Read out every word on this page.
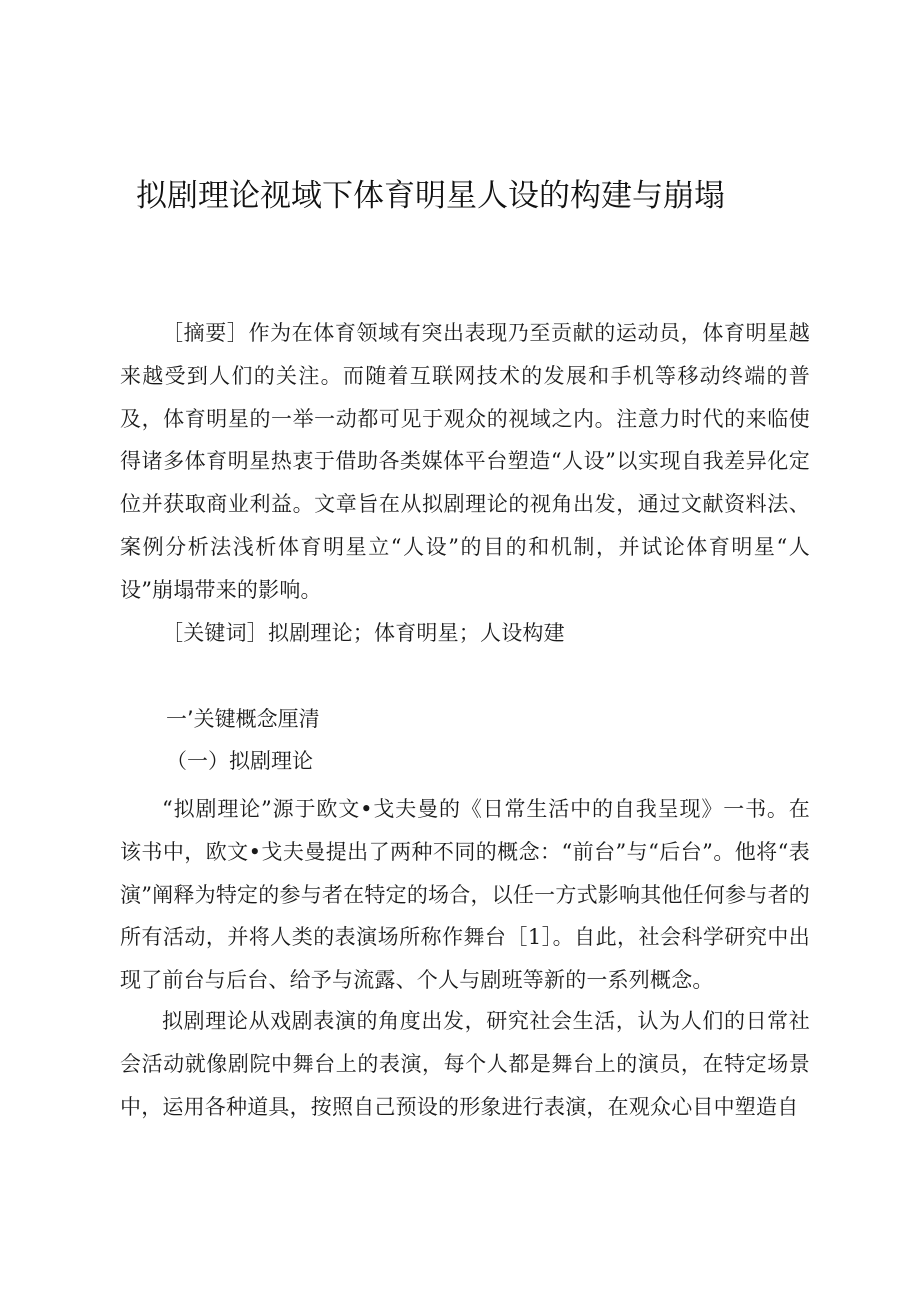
拟剧理论视域下体育明星人设的构建与崩塌

［摘要］作为在体育领域有突出表现乃至贡献的运动员，体育明星越来越受到人们的关注。而随着互联网技术的发展和手机等移动终端的普及，体育明星的一举一动都可见于观众的视域之内。注意力时代的来临使得诸多体育明星热衷于借助各类媒体平台塑造“人设”以实现自我差异化定位并获取商业利益。文章旨在从拟剧理论的视角出发，通过文献资料法、案例分析法浅析体育明星立“人设”的目的和机制，并试论体育明星“人设”崩塌带来的影响。

［关键词］拟剧理论；体育明星；人设构建

一’关键概念厘清
（一）拟剧理论

“拟剧理论”源于欧文•戈夫曼的《日常生活中的自我呈现》一书。在该书中，欧文•戈夫曼提出了两种不同的概念：“前台”与“后台”。他将“表演”阐释为特定的参与者在特定的场合，以任一方式影响其他任何参与者的所有活动，并将人类的表演场所称作舞台［1］。自此，社会科学研究中出现了前台与后台、给予与流露、个人与剧班等新的一系列概念。

拟剧理论从戏剧表演的角度出发，研究社会生活，认为人们的日常社会活动就像剧院中舞台上的表演，每个人都是舞台上的演员，在特定场景中，运用各种道具，按照自己预设的形象进行表演，在观众心目中塑造自
